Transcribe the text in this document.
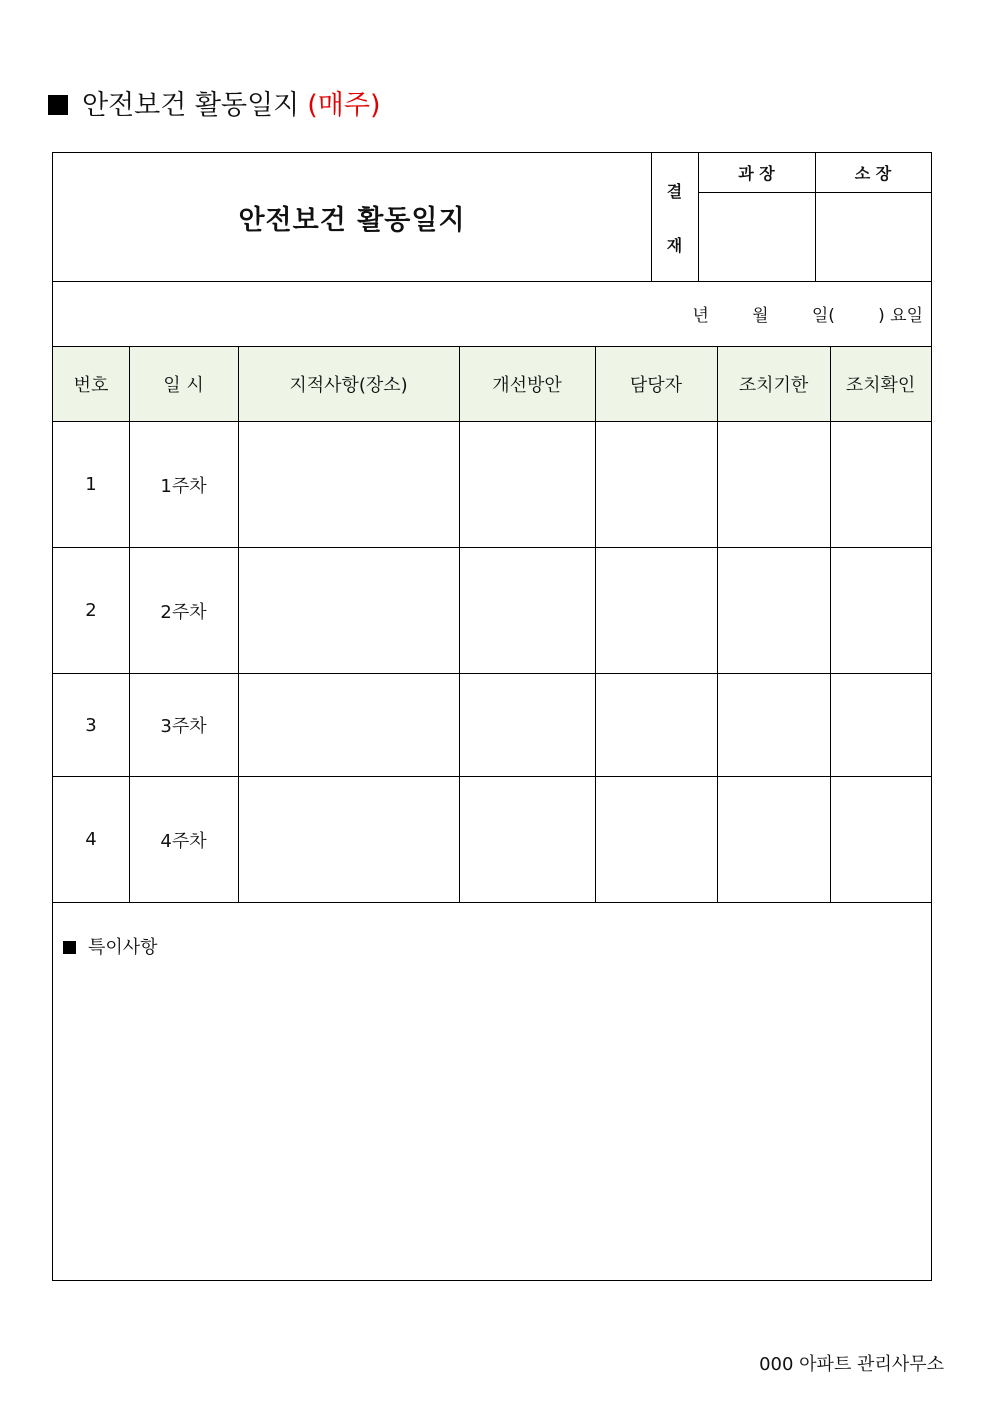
안전보건 활동일지 (매주)
안전보건 활동일지
결
재
과 장	소 장
년        월        일(        ) 요일
번호	일 시	지적사항(장소)	개선방안	담당자	조치기한	조치확인
1	1주차
2	2주차
3	3주차
4	4주차
특이사항
000 아파트 관리사무소
